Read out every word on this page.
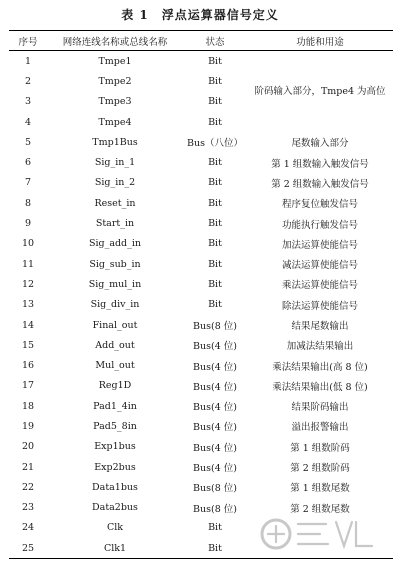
表 1　浮点运算器信号定义
序号	网络连线名称或总线名称	状态	功能和用途
1	Tmpe1	Bit	阶码输入部分，Tmpe4 为高位
2	Tmpe2	Bit	
3	Tmpe3	Bit	
4	Tmpe4	Bit	
5	Tmp1Bus	Bus（八位）	尾数输入部分
6	Sig_in_1	Bit	第 1 组数输入触发信号
7	Sig_in_2	Bit	第 2 组数输入触发信号
8	Reset_in	Bit	程序复位触发信号
9	Start_in	Bit	功能执行触发信号
10	Sig_add_in	Bit	加法运算使能信号
11	Sig_sub_in	Bit	减法运算使能信号
12	Sig_mul_in	Bit	乘法运算使能信号
13	Sig_div_in	Bit	除法运算使能信号
14	Final_out	Bus(8 位)	结果尾数输出
15	Add_out	Bus(4 位)	加减法结果输出
16	Mul_out	Bus(4 位)	乘法结果输出(高 8 位)
17	Reg1D	Bus(4 位)	乘法结果输出(低 8 位)
18	Pad1_4in	Bus(4 位)	结果阶码输出
19	Pad5_8in	Bus(4 位)	溢出报警输出
20	Exp1bus	Bus(4 位)	第 1 组数阶码
21	Exp2bus	Bus(4 位)	第 2 组数阶码
22	Data1bus	Bus(8 位)	第 1 组数尾数
23	Data2bus	Bus(8 位)	第 2 组数尾数
24	Clk	Bit	
25	Clk1	Bit	
